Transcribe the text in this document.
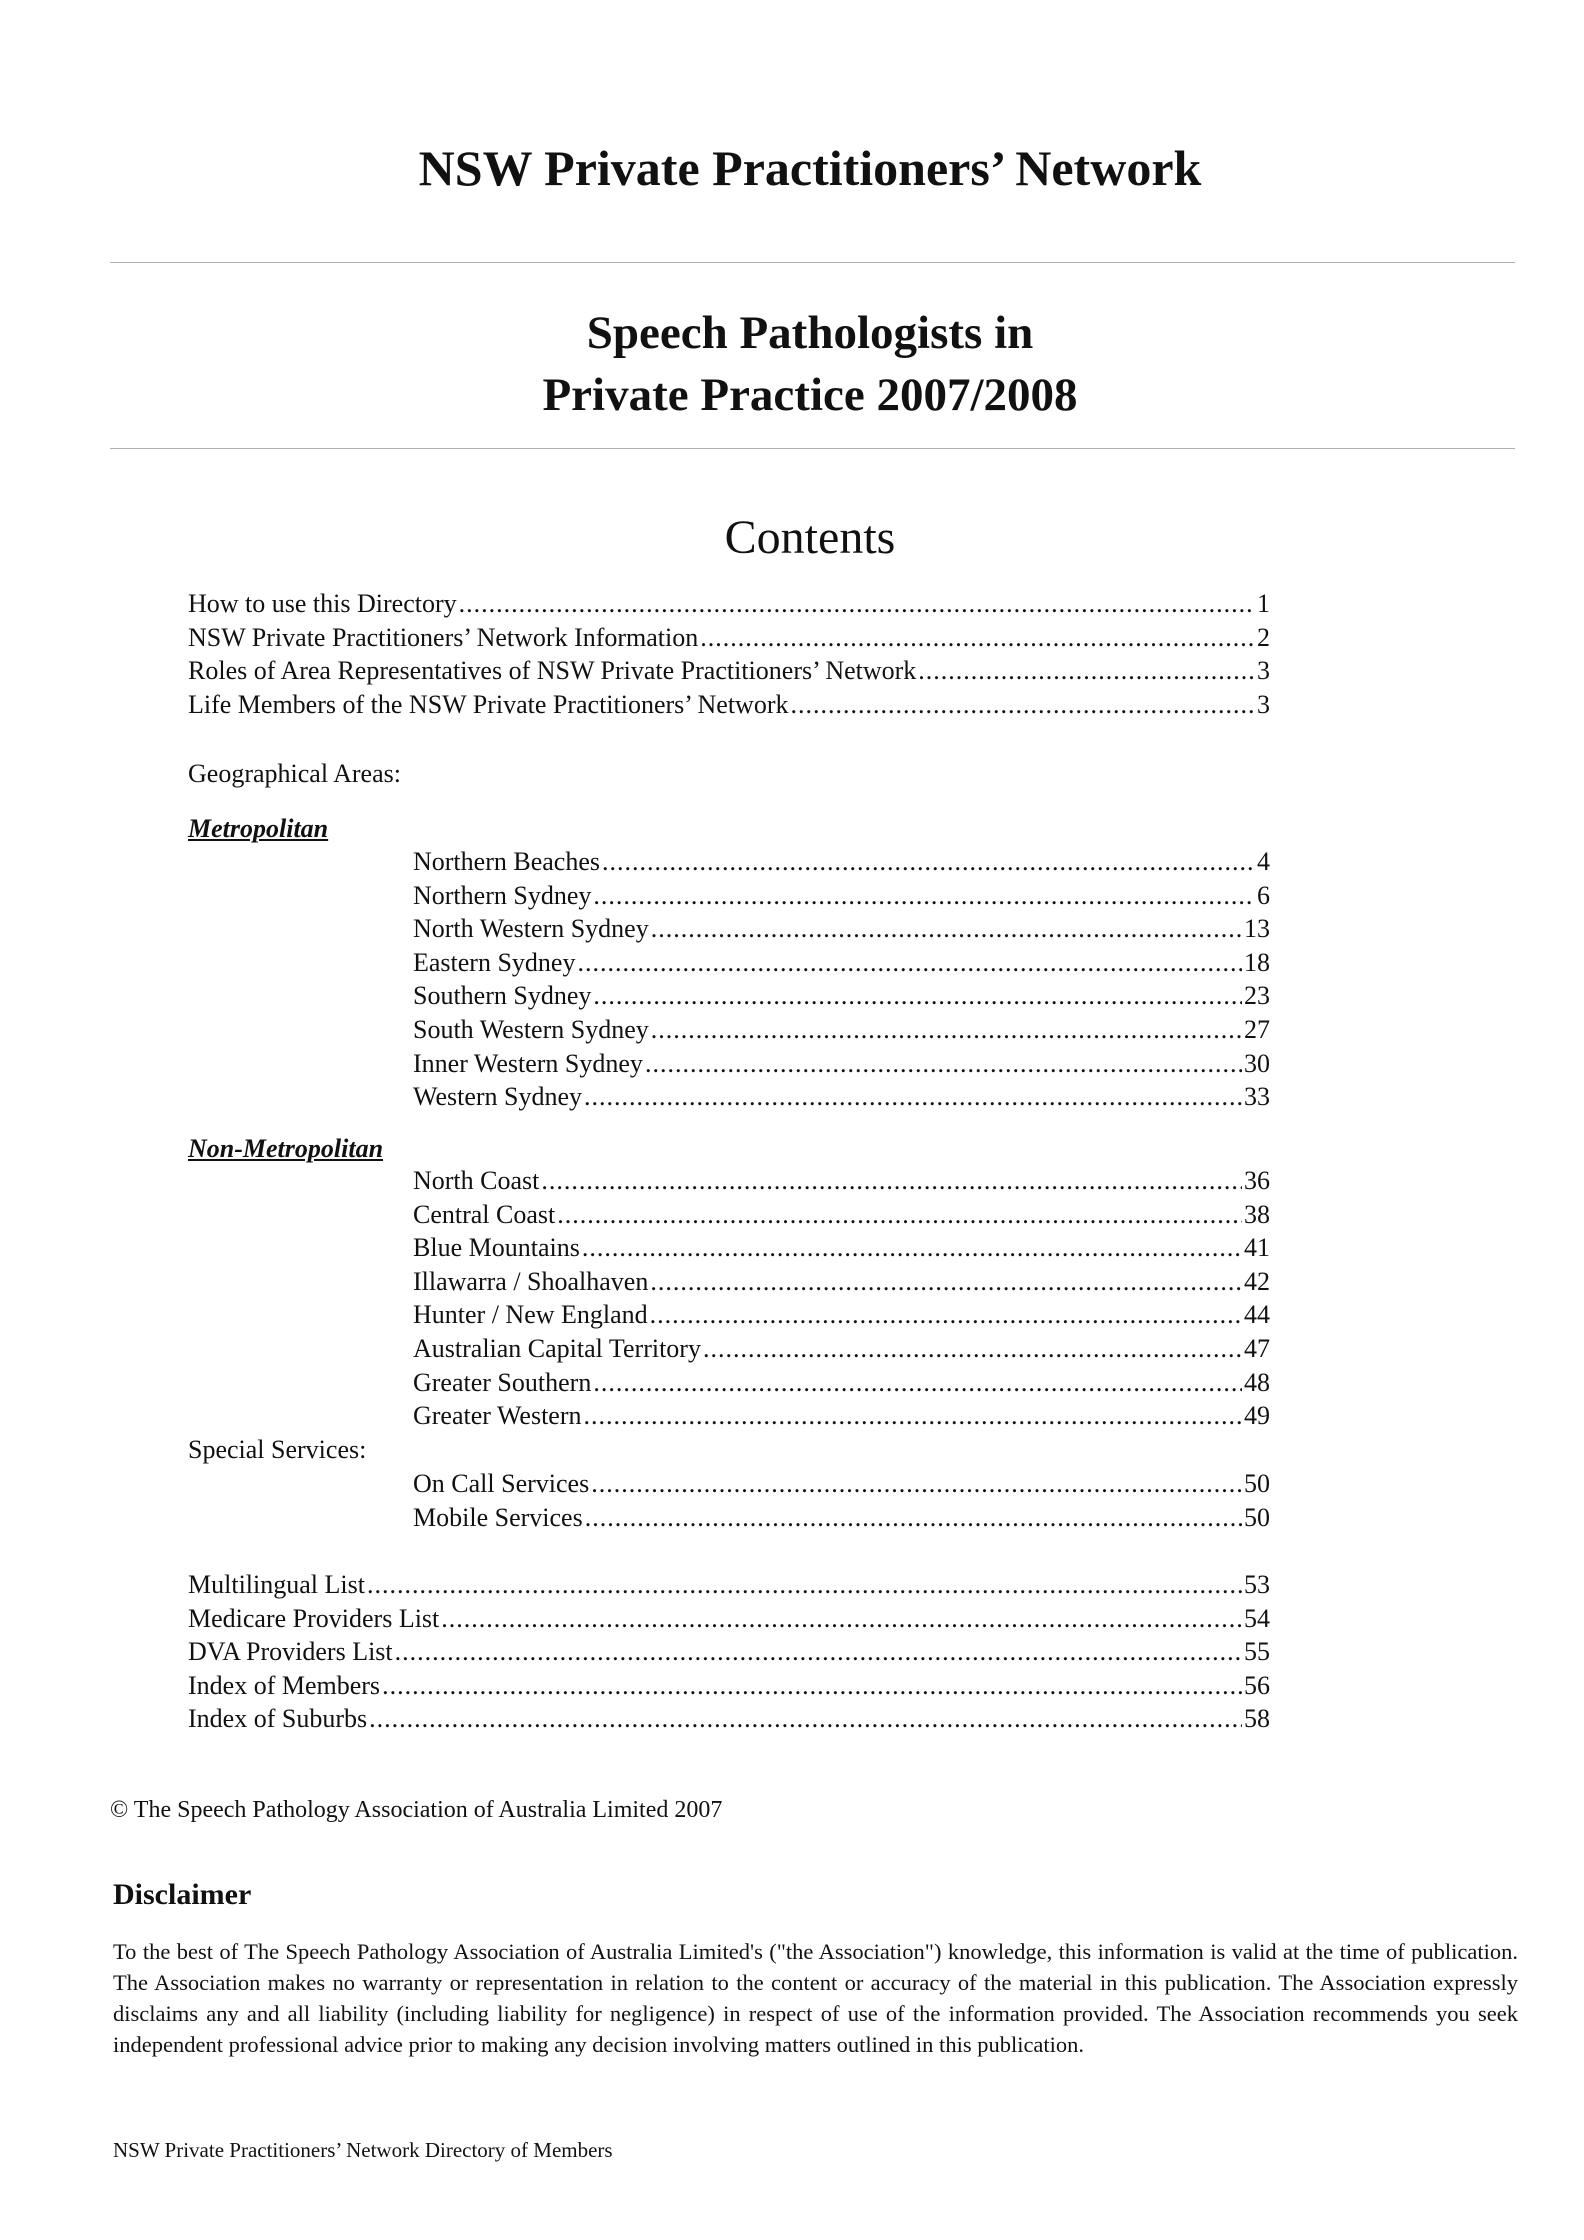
NSW Private Practitioners’ Network
Speech Pathologists in
Private Practice 2007/2008
Contents
How to use this Directory .....	1
NSW Private Practitioners’ Network Information .....	2
Roles of Area Representatives of NSW Private Practitioners’ Network .....	3
Life Members of the NSW Private Practitioners’ Network .....	3
Geographical Areas:
Metropolitan
Northern Beaches .....	4
Northern Sydney .....	6
North Western Sydney .....	13
Eastern Sydney .....	18
Southern Sydney .....	23
South Western Sydney .....	27
Inner Western Sydney .....	30
Western Sydney .....	33
Non-Metropolitan
North Coast .....	36
Central Coast .....	38
Blue Mountains .....	41
Illawarra / Shoalhaven .....	42
Hunter / New England .....	44
Australian Capital Territory .....	47
Greater Southern .....	48
Greater Western .....	49
Special Services:
On Call Services .....	50
Mobile Services .....	50
Multilingual List .....	53
Medicare Providers List .....	54
DVA Providers List .....	55
Index of Members .....	56
Index of Suburbs .....	58
© The Speech Pathology Association of Australia Limited 2007
Disclaimer
To the best of The Speech Pathology Association of Australia Limited's ("the Association") knowledge, this information is valid at the time of publication. The Association makes no warranty or representation in relation to the content or accuracy of the material in this publication. The Association expressly disclaims any and all liability (including liability for negligence) in respect of use of the information provided. The Association recommends you seek independent professional advice prior to making any decision involving matters outlined in this publication.
NSW Private Practitioners’ Network Directory of Members
